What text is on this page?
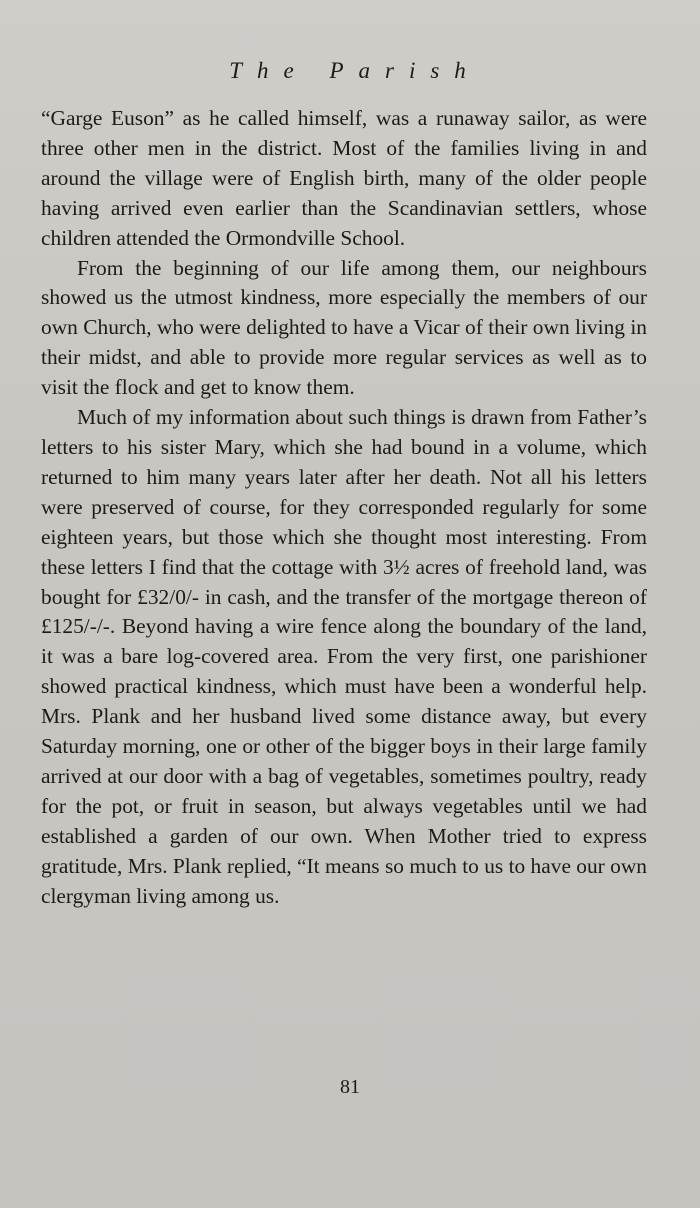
The Parish

“Garge Euson” as he called himself, was a runaway sailor, as were three other men in the district. Most of the families living in and around the village were of English birth, many of the older people having arrived even earlier than the Scandinavian settlers, whose children attended the Ormondville School.

From the beginning of our life among them, our neighbours showed us the utmost kindness, more especially the members of our own Church, who were delighted to have a Vicar of their own living in their midst, and able to provide more regular services as well as to visit the flock and get to know them.

Much of my information about such things is drawn from Father’s letters to his sister Mary, which she had bound in a volume, which returned to him many years later after her death. Not all his letters were preserved of course, for they corresponded regularly for some eighteen years, but those which she thought most interesting. From these letters I find that the cottage with 3½ acres of freehold land, was bought for £32/0/- in cash, and the transfer of the mortgage thereon of £125/-/-. Beyond having a wire fence along the boundary of the land, it was a bare log-covered area. From the very first, one parishioner showed practical kindness, which must have been a wonderful help. Mrs. Plank and her husband lived some distance away, but every Saturday morning, one or other of the bigger boys in their large family arrived at our door with a bag of vegetables, sometimes poultry, ready for the pot, or fruit in season, but always vegetables until we had established a garden of our own. When Mother tried to express gratitude, Mrs. Plank replied, “It means so much to us to have our own clergyman living among us.

81
